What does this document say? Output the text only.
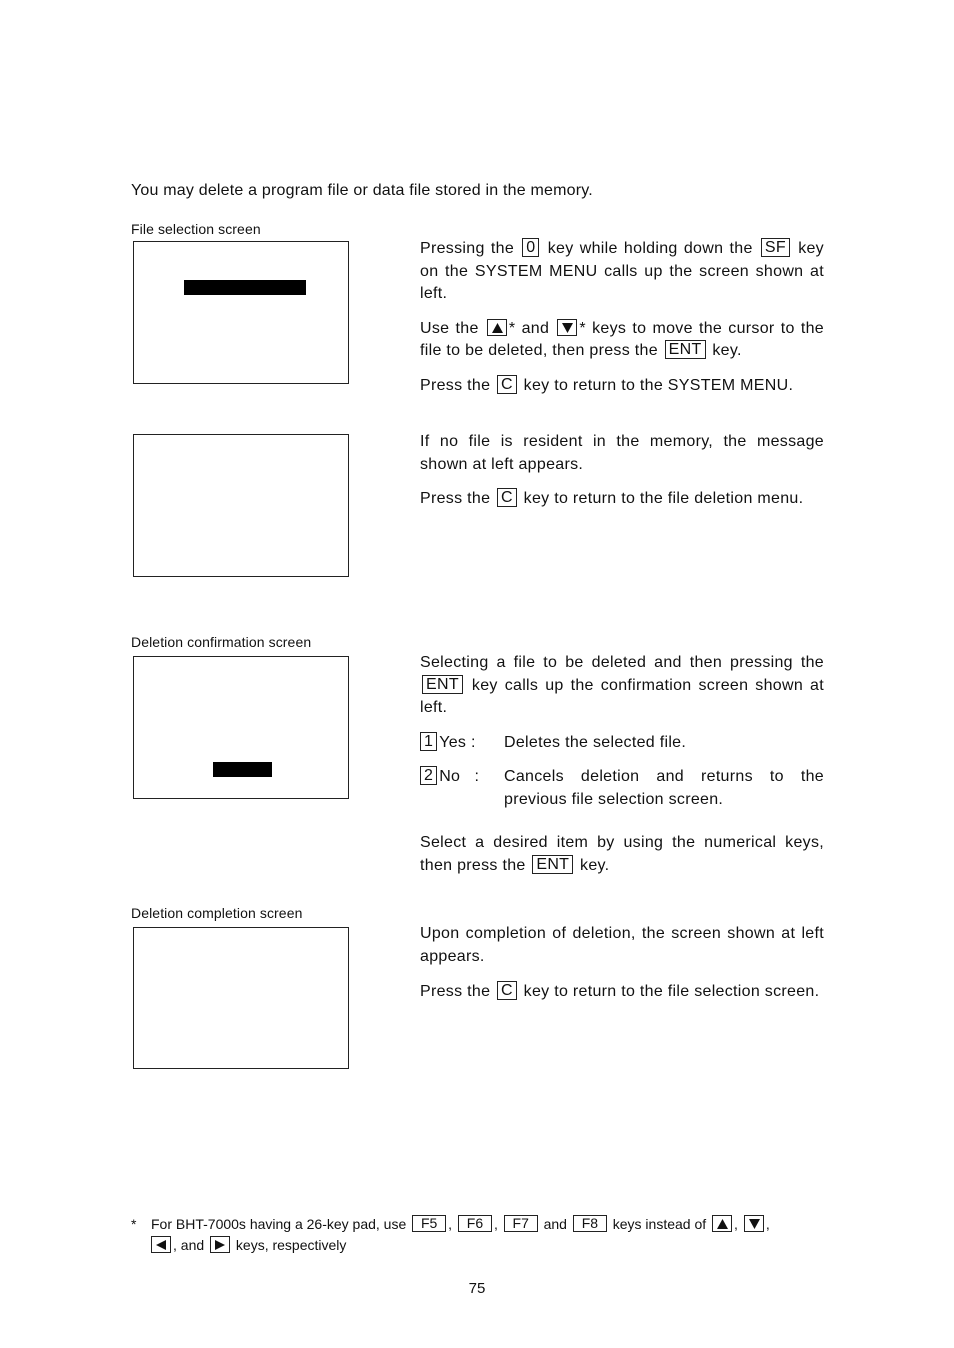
You may delete a program file or data file stored in the memory.
File selection screen

Pressing the 0 key while holding down the SF key on the SYSTEM MENU calls up the screen shown at left.

Use the * and * keys to move the cursor to the file to be deleted, then press the ENT key.

Press the C key to return to the SYSTEM MENU.

If no file is resident in the memory, the message shown at left appears.

Press the C key to return to the file deletion menu.

Deletion confirmation screen

Selecting a file to be deleted and then pressing the ENT key calls up the confirmation screen shown at left.

1 Yes :	Deletes the selected file.
2 No   :	Cancels deletion and returns to the previous file selection screen.

Select a desired item by using the numerical keys, then press the ENT key.

Deletion completion screen

Upon completion of deletion, the screen shown at left appears.

Press the C key to return to the file selection screen.

* For BHT-7000s having a 26-key pad, use F5 , F6 , F7 and F8 keys instead of , ,

, and keys, respectively
75
